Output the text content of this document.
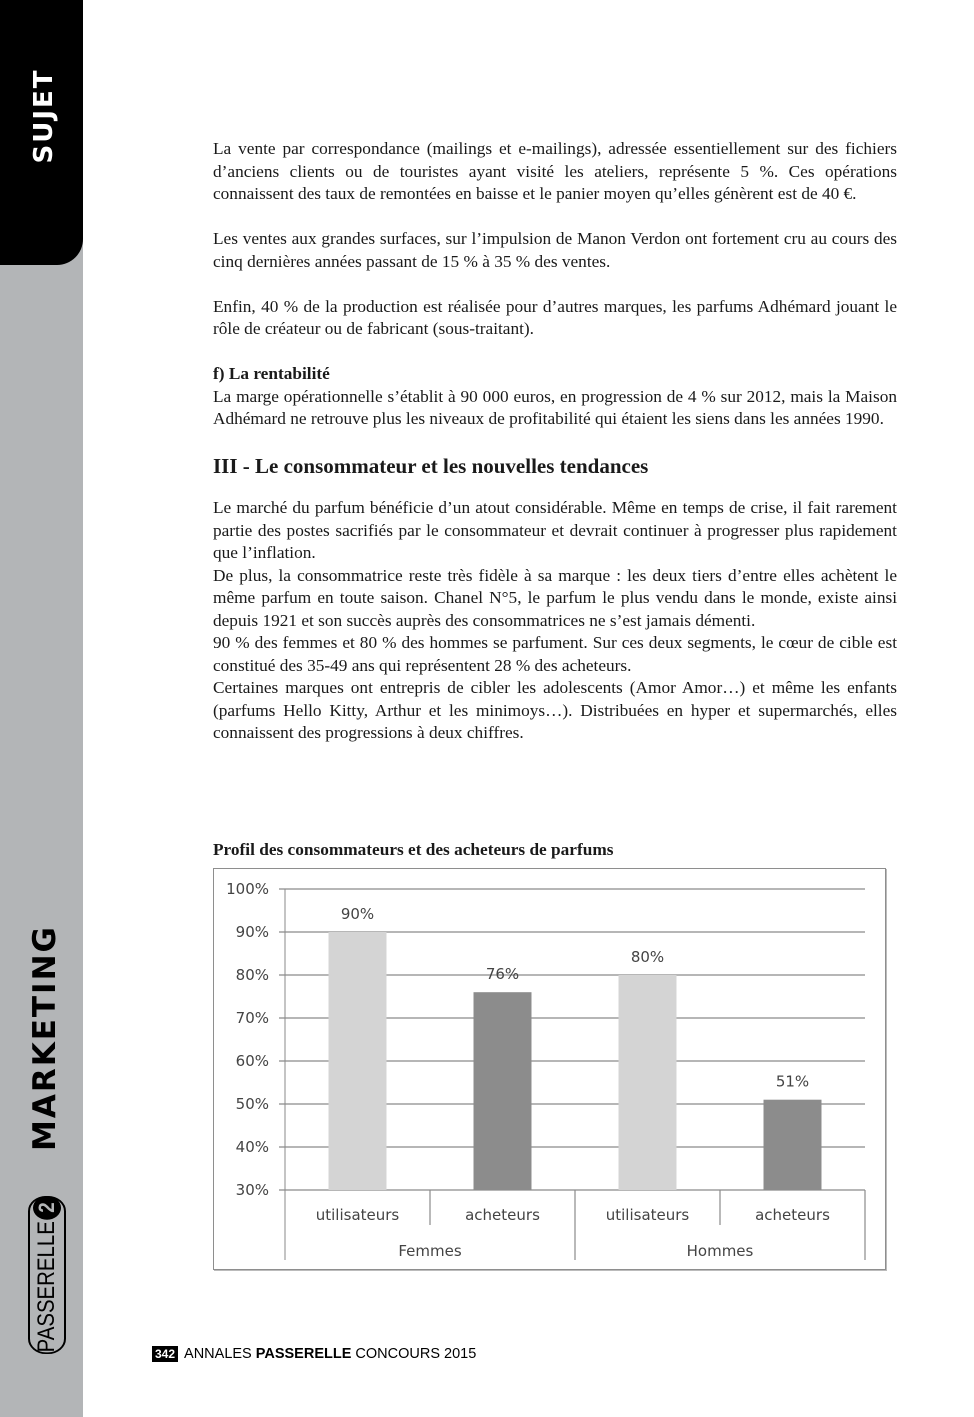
SUJET
MARKETING
PASSERELLE2

La vente par correspondance (mailings et e-mailings), adressée essentiellement sur des fichiers d’anciens clients ou de touristes ayant visité les ateliers, représente 5 %. Ces opérations connaissent des taux de remontées en baisse et le panier moyen qu’elles génèrent est de 40 €.

Les ventes aux grandes surfaces, sur l’impulsion de Manon Verdon ont fortement cru au cours des cinq dernières années passant de 15 % à 35 % des ventes.

Enfin, 40 % de la production est réalisée pour d’autres marques, les parfums Adhémard jouant le rôle de créateur ou de fabricant (sous-traitant).

f) La rentabilité

La marge opérationnelle s’établit à 90 000 euros, en progression de 4 % sur 2012, mais la Maison Adhémard ne retrouve plus les niveaux de profitabilité qui étaient les siens dans les années 1990.

III - Le consommateur et les nouvelles tendances

Le marché du parfum bénéficie d’un atout considérable. Même en temps de crise, il fait rarement partie des postes sacrifiés par le consommateur et devrait continuer à progresser plus rapidement que l’inflation.

De plus, la consommatrice reste très fidèle à sa marque : les deux tiers d’entre elles achètent le même parfum en toute saison. Chanel N°5, le parfum le plus vendu dans le monde, existe ainsi depuis 1921 et son succès auprès des consommatrices ne s’est jamais démenti.

90 % des femmes et 80 % des hommes se parfument. Sur ces deux segments, le cœur de cible est constitué des 35-49 ans qui représentent 28 % des acheteurs.

Certaines marques ont entrepris de cibler les adolescents (Amor Amor…) et même les enfants (parfums Hello Kitty, Arthur et les minimoys…). Distribuées en hyper et supermarchés, elles connaissent des progressions à deux chiffres.

Profil des consommateurs et des acheteurs de parfums
30%
40%
50%
60%
70%
80%
90%
100%
90%
utilisateurs
76%
acheteurs
80%
utilisateurs
51%
acheteurs
Femmes	Hommes
342 ANNALES
PASSERELLE
CONCOURS 2015
